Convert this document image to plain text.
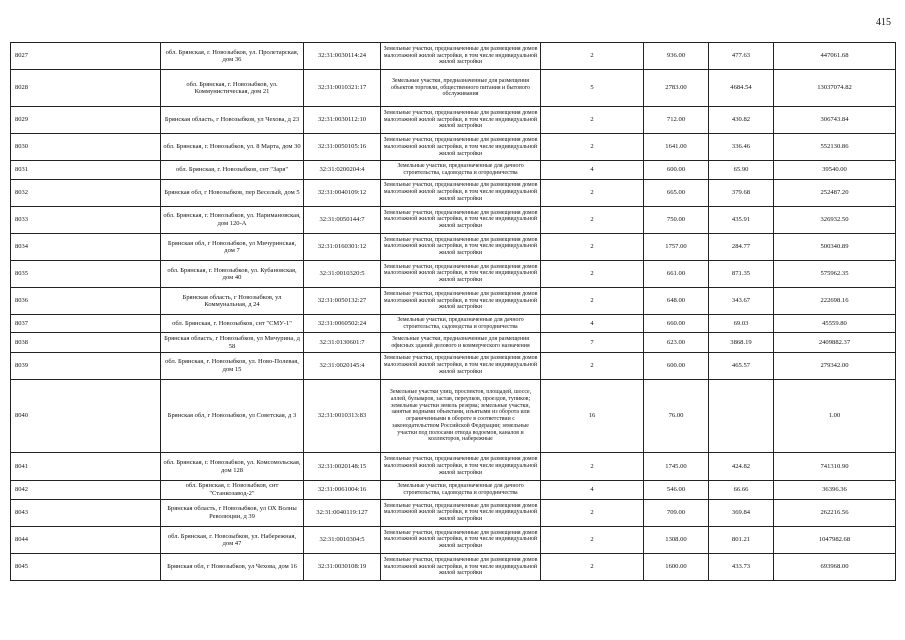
415
8027	обл. Брянская, г. Новозыбков, ул. Пролетарская, дом 36	32:31:0030114:24	Земельные участки, предназначенные для размещения домов малоэтажной жилой застройки, в том числе индивидуальной жилой застройки	2	936.00	477.63	447061.68
8028	обл. Брянская, г. Новозыбков, ул. Коммунистическая, дом 21	32:31:0010321:17	Земельные участки, предназначенные для размещения объектов торговли, общественного питания и бытового обслуживания	5	2783.00	4684.54	13037074.82
8029	Брянская область, г Новозыбков, ул Чехова, д 23	32:31:0030112:10	Земельные участки, предназначенные для размещения домов малоэтажной жилой застройки, в том числе индивидуальной жилой застройки	2	712.00	430.82	306743.84
8030	обл. Брянская, г. Новозыбков, ул. 8 Марта, дом 30	32:31:0050105:16	Земельные участки, предназначенные для размещения домов малоэтажной жилой застройки, в том числе индивидуальной жилой застройки	2	1641.00	336.46	552130.86
8031	обл. Брянская, г. Новозыбков, снт "Заря"	32:31:0200204:4	Земельные участки, предназначенные для дачного строительства, садоводства и огородничества	4	600.00	65.90	39540.00
8032	Брянская обл, г Новозыбков, пер Веселый, дом 5	32:31:0040109:12	Земельные участки, предназначенные для размещения домов малоэтажной жилой застройки, в том числе индивидуальной жилой застройки	2	665.00	379.68	252487.20
8033	обл. Брянская, г. Новозыбков, ул. Наримановская, дом 120-А	32:31:0050144:7	Земельные участки, предназначенные для размещения домов малоэтажной жилой застройки, в том числе индивидуальной жилой застройки	2	750.00	435.91	326932.50
8034	Брянская обл, г Новозыбков, ул Мичуринская, дом 7	32:31:0160301:12	Земельные участки, предназначенные для размещения домов малоэтажной жилой застройки, в том числе индивидуальной жилой застройки	2	1757.00	284.77	500340.89
8035	обл. Брянская, г. Новозыбков, ул. Кубановская, дом 40	32:31:0010320:5	Земельные участки, предназначенные для размещения домов малоэтажной жилой застройки, в том числе индивидуальной жилой застройки	2	661.00	871.35	575962.35
8036	Брянская область, г Новозыбков, ул Коммунальная, д 24	32:31:0050132:27	Земельные участки, предназначенные для размещения домов малоэтажной жилой застройки, в том числе индивидуальной жилой застройки	2	648.00	343.67	222698.16
8037	обл. Брянская, г. Новозыбков, снт "СМУ-1"	32:31:0060502:24	Земельные участки, предназначенные для дачного строительства, садоводства и огородничества	4	660.00	69.03	45559.80
8038	Брянская область, г Новозыбков, ул Мичурина, д 58	32:31:0130601:7	Земельные участки, предназначенные для размещения офисных зданий делового и коммерческого назначения	7	623.00	3868.19	2409882.37
8039	обл. Брянская, г. Новозыбков, ул. Ново-Полевая, дом 15	32:31:0020145:4	Земельные участки, предназначенные для размещения домов малоэтажной жилой застройки, в том числе индивидуальной жилой застройки	2	600.00	465.57	279342.00
8040	Брянская обл, г Новозыбков, ул Советская, д 3	32:31:0010313:83	Земельные участки улиц, проспектов, площадей, шоссе, аллей, бульваров, застав, переулков, проездов, тупиков; земельные участки земель резерва; земельные участки, занятые водными объектами, изъятыми из оборота или ограниченными в обороте в соответствии с законодательством Российской Федерации; земельные участки под полосами отвода водоемов, каналов и коллекторов, набережные	16	76.00		1.00
8041	обл. Брянская, г. Новозыбков, ул. Комсомольская, дом 128	32:31:0020148:15	Земельные участки, предназначенные для размещения домов малоэтажной жилой застройки, в том числе индивидуальной жилой застройки	2	1745.00	424.82	741310.90
8042	обл. Брянская, г. Новозыбков, снт "Станкозавод-2"	32:31:0061004:16	Земельные участки, предназначенные для дачного строительства, садоводства и огородничества	4	546.00	66.66	36396.36
8043	Брянская область, г Новозыбков, ул ОХ Волны Революции, д 39	32:31:0040119:127	Земельные участки, предназначенные для размещения домов малоэтажной жилой застройки, в том числе индивидуальной жилой застройки	2	709.00	369.84	262216.56
8044	обл. Брянская, г. Новозыбков, ул. Набережная, дом 47	32:31:0010304:5	Земельные участки, предназначенные для размещения домов малоэтажной жилой застройки, в том числе индивидуальной жилой застройки	2	1308.00	801.21	1047982.68
8045	Брянская обл, г Новозыбков, ул Чехова, дом 16	32:31:0030108:19	Земельные участки, предназначенные для размещения домов малоэтажной жилой застройки, в том числе индивидуальной жилой застройки	2	1600.00	433.73	693968.00
